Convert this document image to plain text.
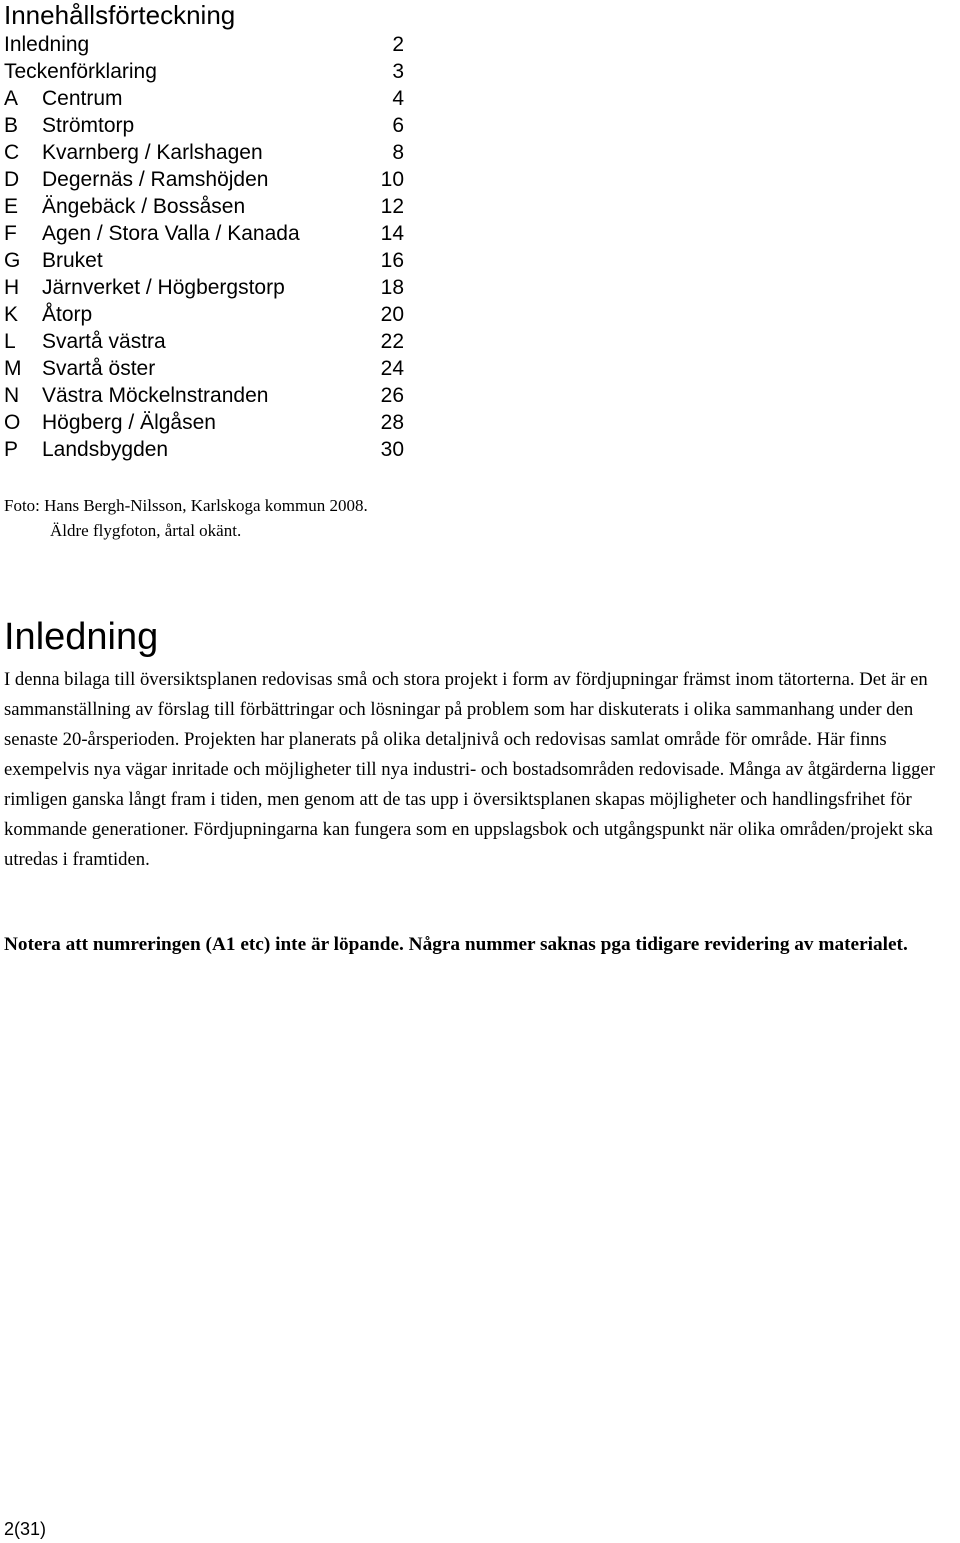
Innehållsförteckning
Inledning	2
Teckenförklaring	3
A Centrum	4
B Strömtorp	6
C Kvarnberg / Karlshagen	8
D Degernäs / Ramshöjden	10
E Ängebäck / Bossåsen	12
F Agen / Stora Valla / Kanada	14
G Bruket	16
H Järnverket / Högbergstorp	18
K Åtorp	20
L Svartå västra	22
M Svartå öster	24
N Västra Möckelnstranden	26
O Högberg / Älgåsen	28
P Landsbygden	30
Foto: Hans Bergh-Nilsson, Karlskoga kommun 2008.
Äldre flygfoton, årtal okänt.
Inledning

I denna bilaga till översiktsplanen redovisas små och stora projekt i form av fördjupningar främst inom tätorterna. Det är en sammanställning av förslag till förbättringar och lösningar på problem som har diskuterats i olika sammanhang under den senaste 20-årsperioden. Projekten har planerats på olika detaljnivå och redovisas samlat område för område. Här finns exempelvis nya vägar inritade och möjligheter till nya industri- och bostadsområden redovisade. Många av åtgärderna ligger rimligen ganska långt fram i tiden, men genom att de tas upp i översiktsplanen skapas möjligheter och handlingsfrihet för kommande generationer. Fördjupningarna kan fungera som en uppslagsbok och utgångspunkt när olika områden/projekt ska utredas i framtiden.

Notera att numreringen (A1 etc) inte är löpande. Några nummer saknas pga tidigare revidering av materialet.

2(31)
